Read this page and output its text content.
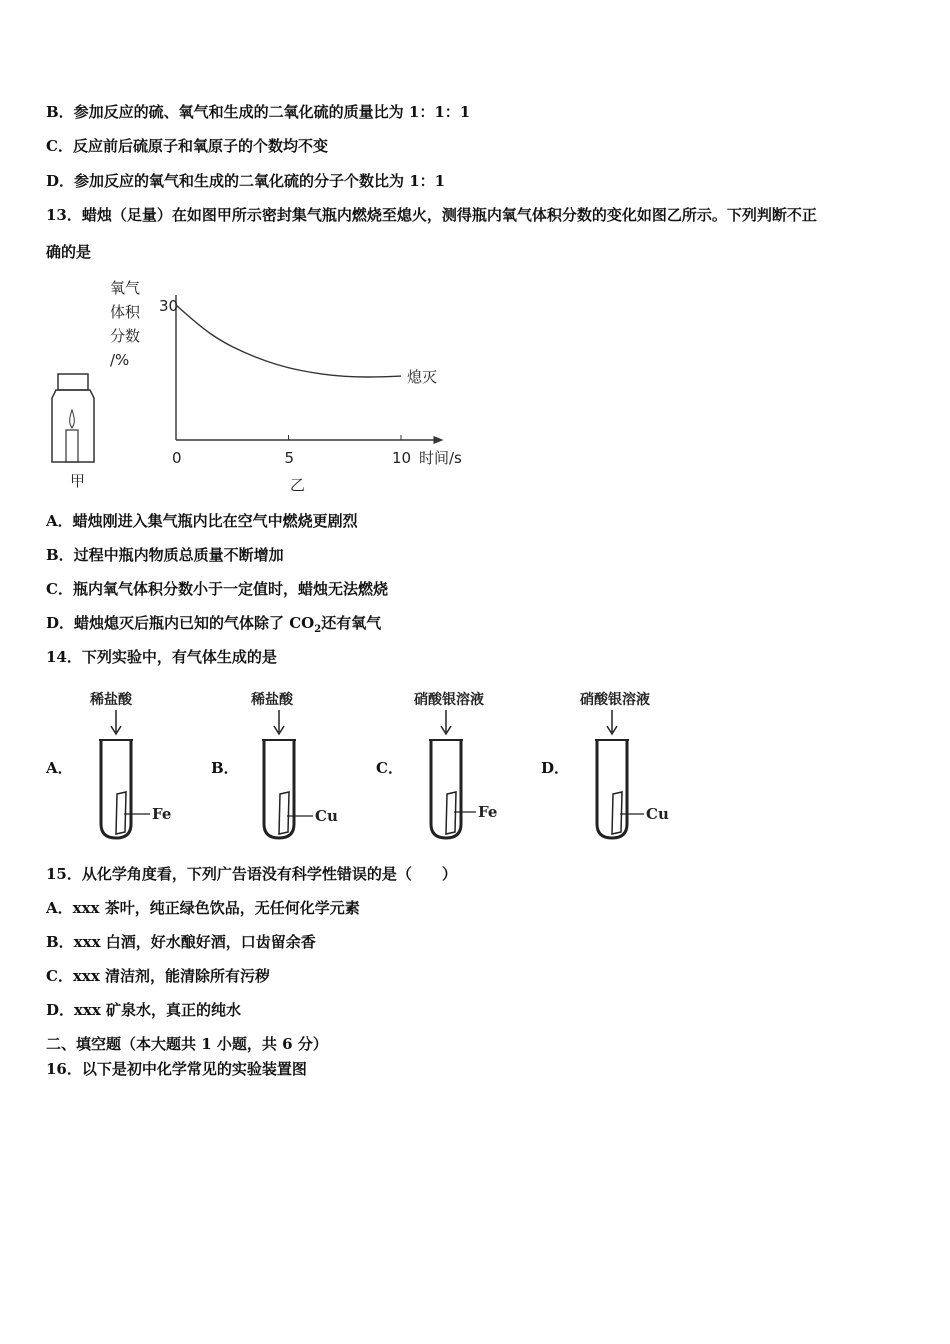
B．参加反应的硫、氧气和生成的二氧化硫的质量比为 1：1：1
C．反应前后硫原子和氧原子的个数均不变
D．参加反应的氧气和生成的二氧化硫的分子个数比为 1：1
13．蜡烛（足量）在如图甲所示密封集气瓶内燃烧至熄火，测得瓶内氧气体积分数的变化如图乙所示。下列判断不正
确的是
甲
氧气
体积
分数
/%
0	5	10
30
熄灭
时间/s
乙
A．蜡烛刚进入集气瓶内比在空气中燃烧更剧烈
B．过程中瓶内物质总质量不断增加
C．瓶内氧气体积分数小于一定值时，蜡烛无法燃烧
D．蜡烛熄灭后瓶内已知的气体除了 $CO_2$还有氧气
14．下列实验中，有气体生成的是
A．
稀盐酸
Fe
B．
稀盐酸
Cu
C．
硝酸银溶液
Fe
D．
硝酸银溶液
Cu
15．从化学角度看，下列广告语没有科学性错误的是（　　）
A．xxx 茶叶，纯正绿色饮品，无任何化学元素
B．xxx 白酒，好水酿好酒，口齿留余香
C．xxx 清洁剂，能清除所有污秽
D．xxx 矿泉水，真正的纯水
二、填空题（本大题共 1 小题，共 6 分）
16．以下是初中化学常见的实验装置图
